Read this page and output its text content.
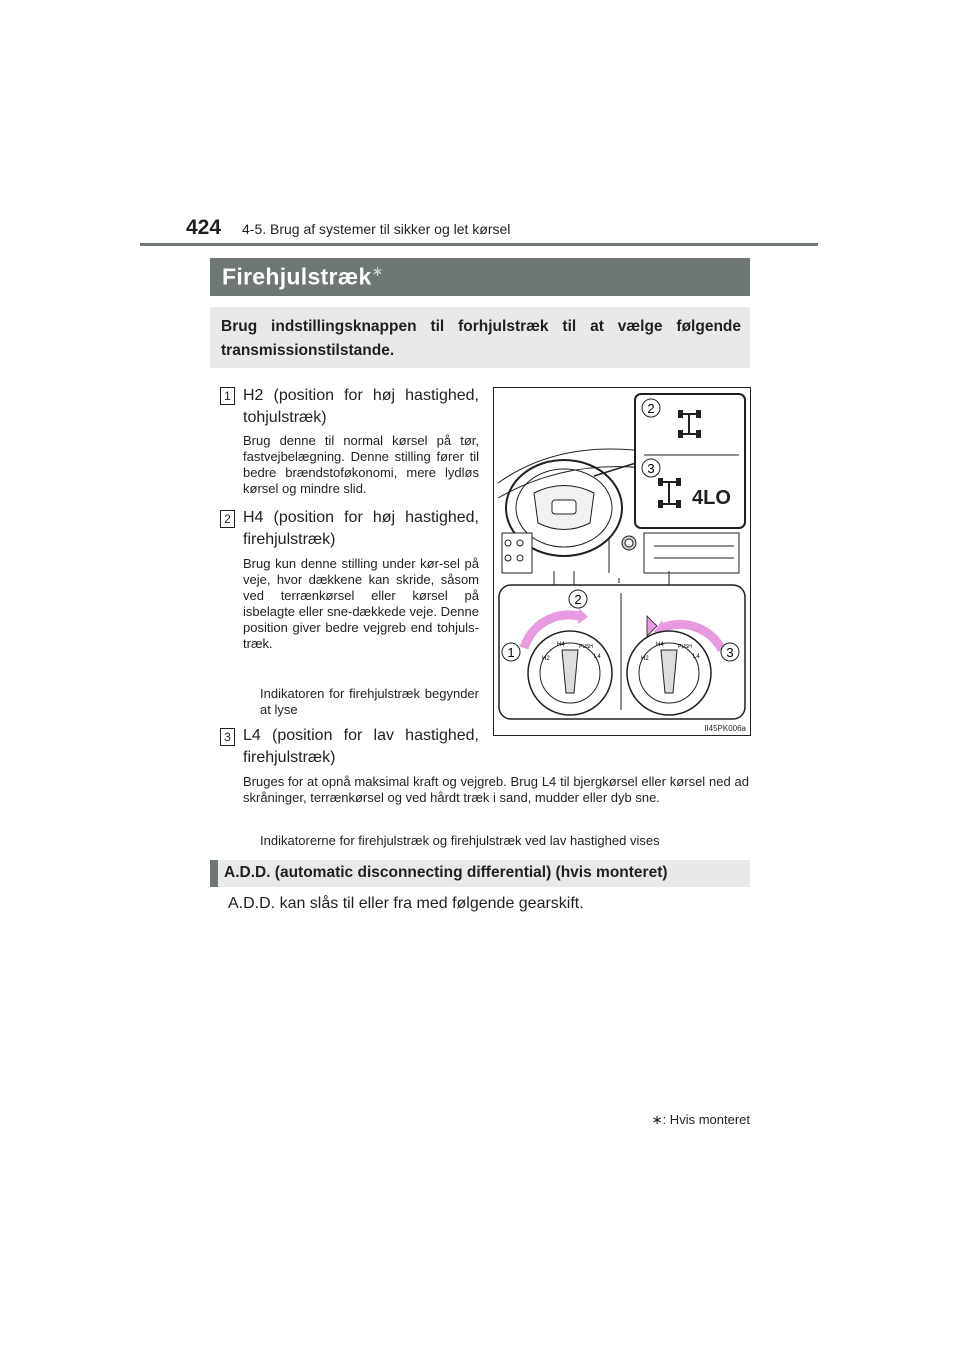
424 4-5. Brug af systemer til sikker og let kørsel
Firehjulstræk∗
Brug indstillingsknappen til forhjulstræk til at vælge følgende transmissionstilstande.
1 H2 (position for høj hastighed, tohjulstræk)
Brug denne til normal kørsel på tør, fastvejbelægning. Denne stilling fører til bedre brændstoføkonomi, mere lydløs kørsel og mindre slid.
2 H4 (position for høj hastighed, firehjulstræk)
Brug kun denne stilling under kør-sel på veje, hvor dækkene kan skride, såsom ved terrænkørsel eller kørsel på isbelagte eller sne-dækkede veje. Denne position giver bedre vejgreb end tohjuls-træk.
Indikatoren for firehjulstræk begynder at lyse
3 L4 (position for lav hastighed, firehjulstræk)
Bruges for at opnå maksimal kraft og vejgreb. Brug L4 til bjergkørsel eller kørsel ned ad skråninger, terrænkørsel og ved hårdt træk i sand, mudder eller dyb sne.
Indikatorerne for firehjulstræk og firehjulstræk ved lav hastighed vises
2
3
4LO
H2
H4	PUSH
L4
2
1	H2
H4	PUSH
L4 3
II45PK006a
A.D.D. (automatic disconnecting differential) (hvis monteret)
A.D.D. kan slås til eller fra med følgende gearskift.
∗: Hvis monteret
